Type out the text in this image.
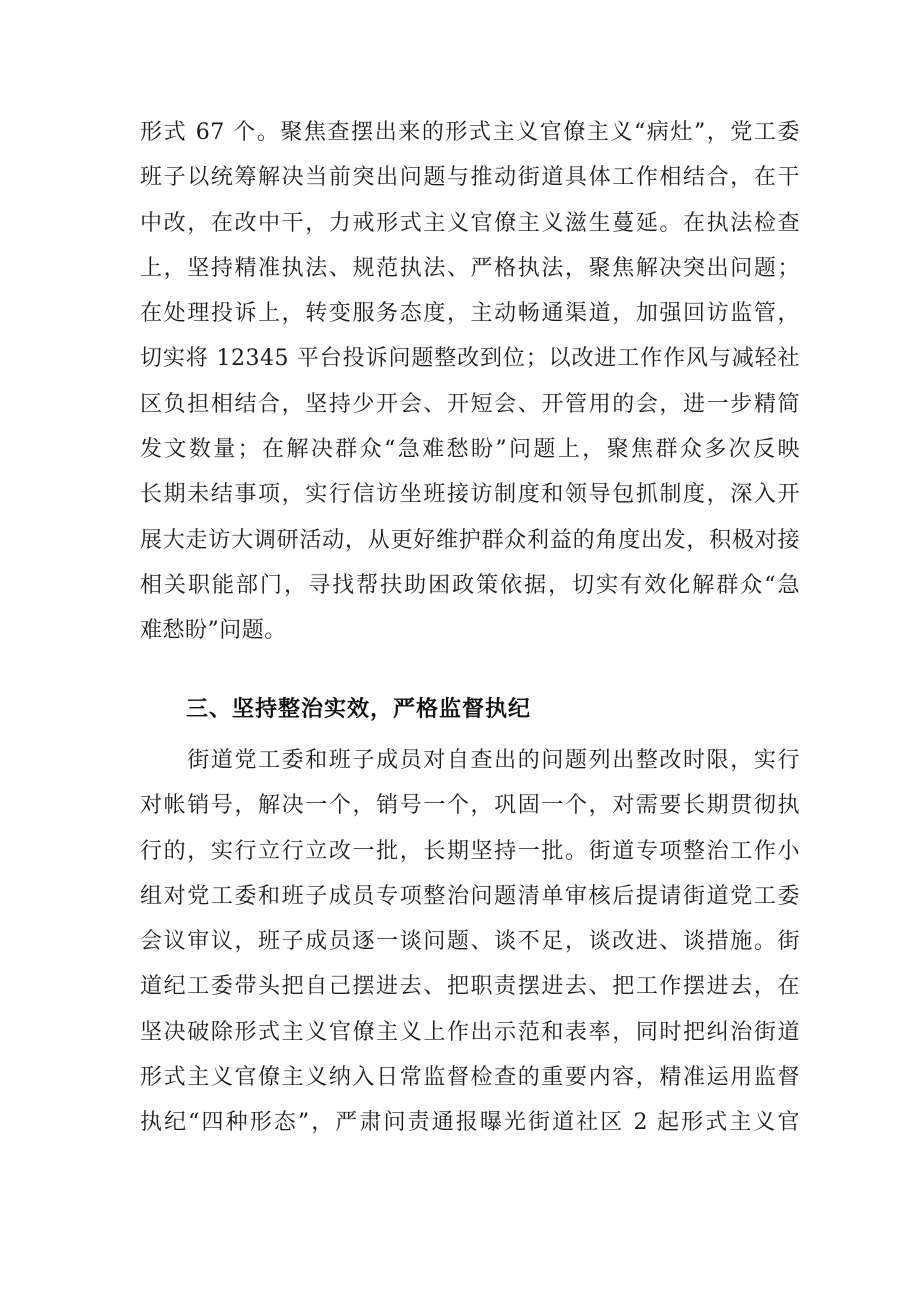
形式 67 个。聚焦查摆出来的形式主义官僚主义“病灶”，党工委
班子以统筹解决当前突出问题与推动街道具体工作相结合，在干
中改，在改中干，力戒形式主义官僚主义滋生蔓延。在执法检查
上，坚持精准执法、规范执法、严格执法，聚焦解决突出问题；
在处理投诉上，转变服务态度，主动畅通渠道，加强回访监管，
切实将 12345 平台投诉问题整改到位；以改进工作作风与减轻社
区负担相结合，坚持少开会、开短会、开管用的会，进一步精简
发文数量；在解决群众“急难愁盼”问题上，聚焦群众多次反映
长期未结事项，实行信访坐班接访制度和领导包抓制度，深入开
展大走访大调研活动，从更好维护群众利益的角度出发，积极对接
相关职能部门，寻找帮扶助困政策依据，切实有效化解群众“急
难愁盼”问题。
三、坚持整治实效，严格监督执纪
　　街道党工委和班子成员对自查出的问题列出整改时限，实行
对帐销号，解决一个，销号一个，巩固一个，对需要长期贯彻执
行的，实行立行立改一批，长期坚持一批。街道专项整治工作小
组对党工委和班子成员专项整治问题清单审核后提请街道党工委
会议审议，班子成员逐一谈问题、谈不足，谈改进、谈措施。街
道纪工委带头把自己摆进去、把职责摆进去、把工作摆进去，在
坚决破除形式主义官僚主义上作出示范和表率，同时把纠治街道
形式主义官僚主义纳入日常监督检查的重要内容，精准运用监督
执纪“四种形态”，严肃问责通报曝光街道社区 2 起形式主义官
